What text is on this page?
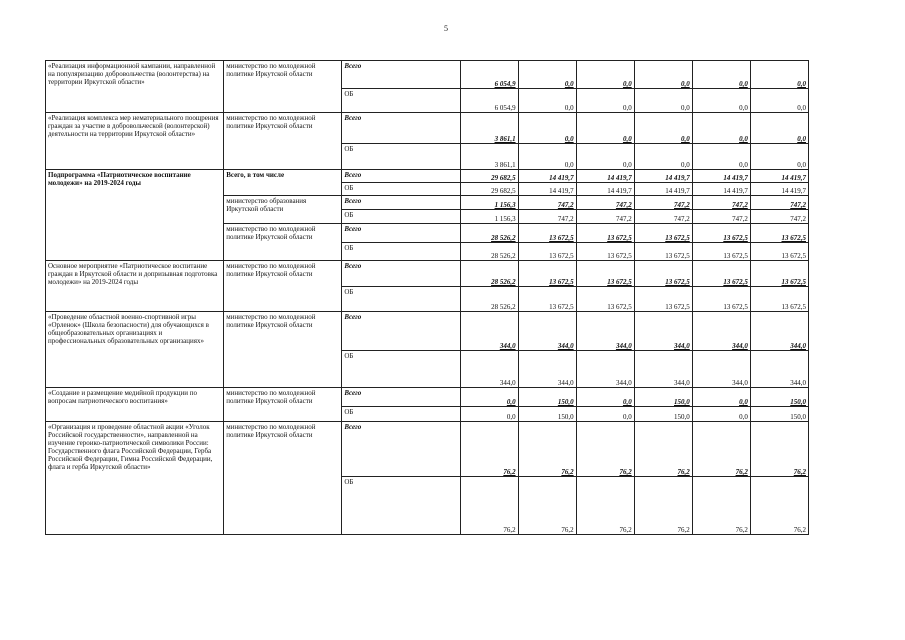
5
«Реализация информационной кампании, направленной на популяризацию добровольчества (волонтерства) на территории Иркутской области»	министерство по молодежной политике Иркутской области	Всего	6 054,9	0,0	0,0	0,0	0,0	0,0
		ОБ	6 054,9	0,0	0,0	0,0	0,0	0,0
«Реализация комплекса мер нематериального поощрения граждан за участие в добровольческой (волонтерской) деятельности на территории Иркутской области»	министерство по молодежной политике Иркутской области	Всего	3 861,1	0,0	0,0	0,0	0,0	0,0
		ОБ	3 861,1	0,0	0,0	0,0	0,0	0,0
Подпрограмма «Патриотическое воспитание молодежи» на 2019-2024 годы	Всего, в том числе	Всего	29 682,5	14 419,7	14 419,7	14 419,7	14 419,7	14 419,7
		ОБ	29 682,5	14 419,7	14 419,7	14 419,7	14 419,7	14 419,7
	министерство образования Иркутской области	Всего	1 156,3	747,2	747,2	747,2	747,2	747,2
		ОБ	1 156,3	747,2	747,2	747,2	747,2	747,2
	министерство по молодежной политике Иркутской области	Всего	28 526,2	13 672,5	13 672,5	13 672,5	13 672,5	13 672,5
		ОБ	28 526,2	13 672,5	13 672,5	13 672,5	13 672,5	13 672,5
Основное мероприятие «Патриотическое воспитание граждан в Иркутской области и допризывная подготовка молодежи» на 2019-2024 годы	министерство по молодежной политике Иркутской области	Всего	28 526,2	13 672,5	13 672,5	13 672,5	13 672,5	13 672,5
		ОБ	28 526,2	13 672,5	13 672,5	13 672,5	13 672,5	13 672,5
«Проведение областной военно-спортивной игры «Орленок» (Школа безопасности) для обучающихся в общеобразовательных организациях и профессиональных образовательных организациях»	министерство по молодежной политике Иркутской области	Всего	344,0	344,0	344,0	344,0	344,0	344,0
		ОБ	344,0	344,0	344,0	344,0	344,0	344,0
«Создание и размещение медийной продукции по вопросам патриотического воспитания»	министерство по молодежной политике Иркутской области	Всего	0,0	150,0	0,0	150,0	0,0	150,0
		ОБ	0,0	150,0	0,0	150,0	0,0	150,0
«Организация и проведение областной акции «Уголок Российской государственности», направленной на изучение героико-патриотической символики России: Государственного флага Российской Федерации, Герба Российской Федерации, Гимна Российской Федерации, флага и герба Иркутской области»	министерство по молодежной политике Иркутской области	Всего	76,2	76,2	76,2	76,2	76,2	76,2
		ОБ	76,2	76,2	76,2	76,2	76,2	76,2
